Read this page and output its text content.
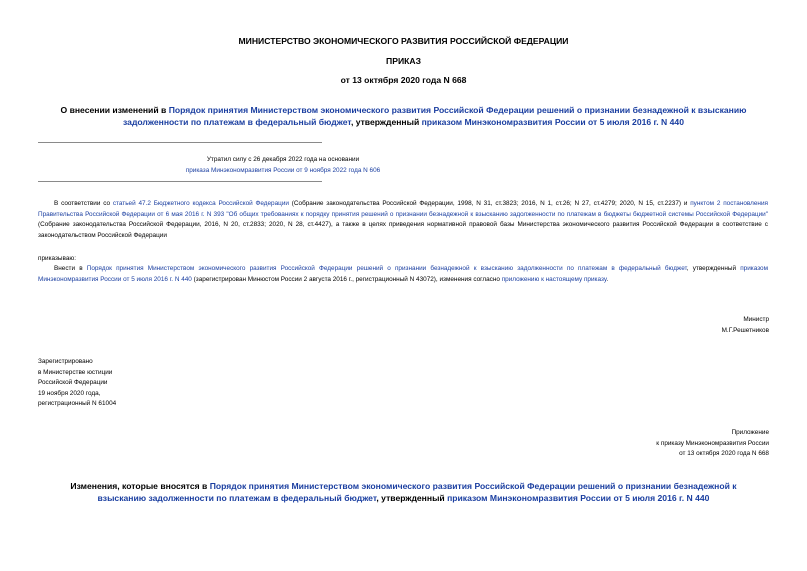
МИНИСТЕРСТВО ЭКОНОМИЧЕСКОГО РАЗВИТИЯ РОССИЙСКОЙ ФЕДЕРАЦИИ
ПРИКАЗ
от 13 октября 2020 года N 668
О внесении изменений в Порядок принятия Министерством экономического развития Российской Федерации решений о признании безнадежной к взысканию задолженности по платежам в федеральный бюджет, утвержденный приказом Минэкономразвития России от 5 июля 2016 г. N 440
Утратил силу с 26 декабря 2022 года на основании
приказа Минэкономразвития России от 9 ноября 2022 года N 606
В соответствии со статьей 47.2 Бюджетного кодекса Российской Федерации (Собрание законодательства Российской Федерации, 1998, N 31, ст.3823; 2016, N 1, ст.26; N 27, ст.4279; 2020, N 15, ст.2237) и пунктом 2 постановления Правительства Российской Федерации от 6 мая 2016 г. N 393 "Об общих требованиях к порядку принятия решений о признании безнадежной к взысканию задолженности по платежам в бюджеты бюджетной системы Российской Федерации" (Собрание законодательства Российской Федерации, 2016, N 20, ст.2833; 2020, N 28, ст.4427), а также в целях приведения нормативной правовой базы Министерства экономического развития Российской Федерации в соответствие с законодательством Российской Федерации
приказываю:
Внести в Порядок принятия Министерством экономического развития Российской Федерации решений о признании безнадежной к взысканию задолженности по платежам в федеральный бюджет, утвержденный приказом Минэкономразвития России от 5 июля 2016 г. N 440 (зарегистрирован Минюстом России 2 августа 2016 г., регистрационный N 43072), изменения согласно приложению к настоящему приказу.
Министр
М.Г.Решетников
Зарегистрировано
в Министерстве юстиции
Российской Федерации
19 ноября 2020 года,
регистрационный N 61004
Приложение
к приказу Минэкономразвития России
от 13 октября 2020 года N 668
Изменения, которые вносятся в Порядок принятия Министерством экономического развития Российской Федерации решений о признании безнадежной к взысканию задолженности по платежам в федеральный бюджет, утвержденный приказом Минэкономразвития России от 5 июля 2016 г. N 440
